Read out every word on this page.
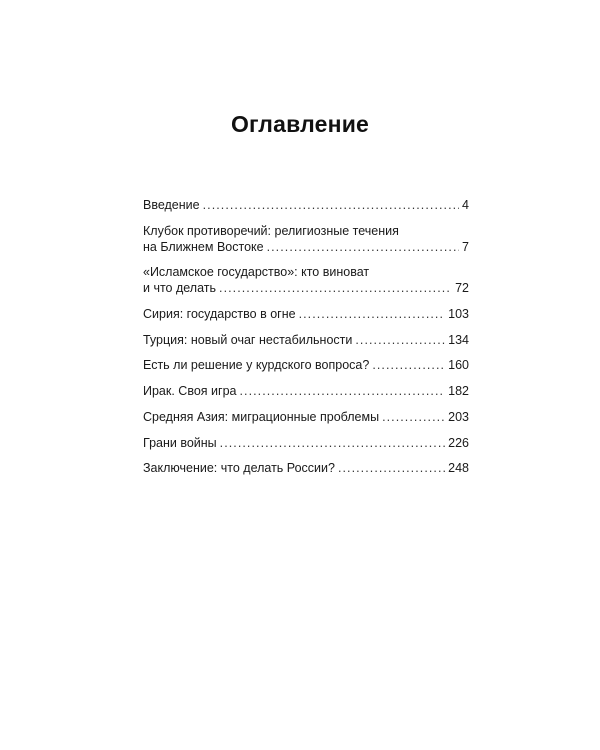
Оглавление
Введение . . .	4
Клубок противоречий: религиозные течения
на Ближнем Востоке . . .	7
«Исламское государство»: кто виноват
и что делать . . .	72
Сирия: государство в огне . . .	103
Турция: новый очаг нестабильности . . .	134
Есть ли решение у курдского вопроса? . . .	160
Ирак. Своя игра . . .	182
Средняя Азия: миграционные проблемы . . .	203
Грани войны . . .	226
Заключение: что делать России? . . .	248
